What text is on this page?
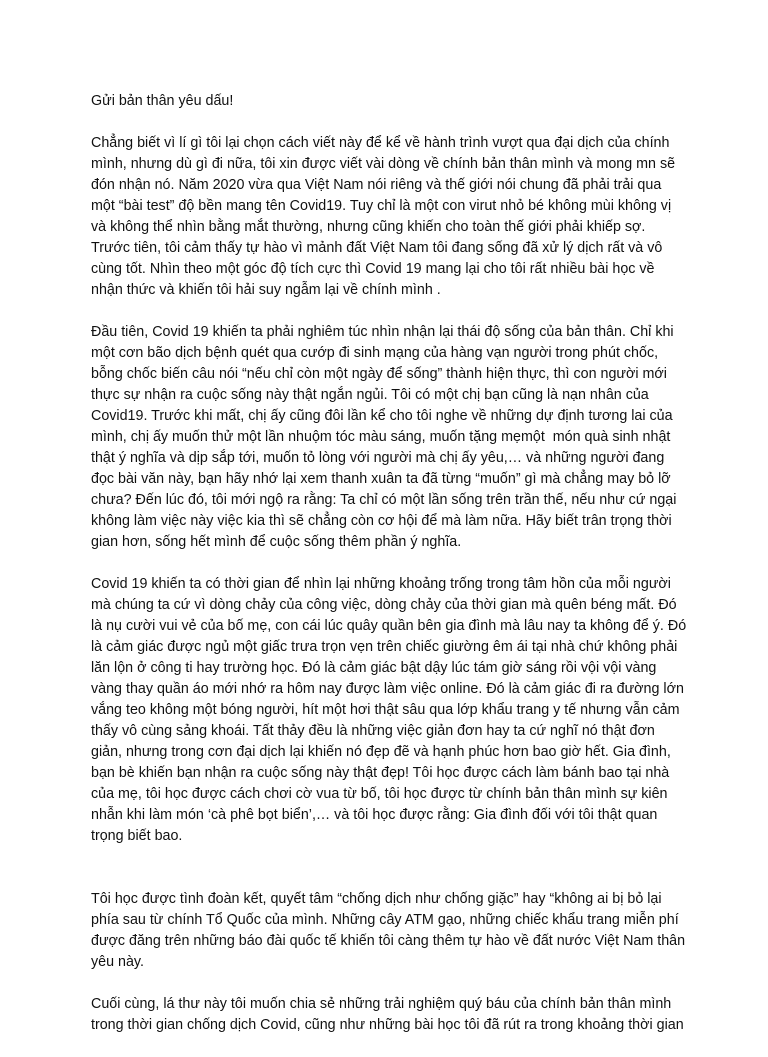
Gửi bản thân yêu dấu!

Chẳng biết vì lí gì tôi lại chọn cách viết này để kể về hành trình vượt qua đại dịch của chính mình, nhưng dù gì đi nữa, tôi xin được viết vài dòng về chính bản thân mình và mong mn sẽ đón nhận nó. Năm 2020 vừa qua Việt Nam nói riêng và thế giới nói chung đã phải trải qua một “bài test” độ bền mang tên Covid19. Tuy chỉ là một con virut nhỏ bé không mùi không vị và không thể nhìn bằng mắt thường, nhưng cũng khiến cho toàn thế giới phải khiếp sợ. Trước tiên, tôi cảm thấy tự hào vì mảnh đất Việt Nam tôi đang sống đã xử lý dịch rất và vô cùng tốt. Nhìn theo một góc độ tích cực thì Covid 19 mang lại cho tôi rất nhiều bài học về nhận thức và khiến tôi hải suy ngẫm lại về chính mình .

Đầu tiên, Covid 19 khiến ta phải nghiêm túc nhìn nhận lại thái độ sống của bản thân. Chỉ khi một cơn bão dịch bệnh quét qua cướp đi sinh mạng của hàng vạn người trong phút chốc, bỗng chốc biến câu nói “nếu chỉ còn một ngày để sống” thành hiện thực, thì con người mới thực sự nhận ra cuộc sống này thật ngắn ngủi. Tôi có một chị bạn cũng là nạn nhân của Covid19. Trước khi mất, chị ấy cũng đôi lần kể cho tôi nghe về những dự định tương lai của mình, chị ấy muốn thử một lần nhuộm tóc màu sáng, muốn tặng mẹmột  món quà sinh nhật thật ý nghĩa và dịp sắp tới, muốn tỏ lòng với người mà chị ấy yêu,… và những người đang đọc bài văn này, bạn hãy nhớ lại xem thanh xuân ta đã từng “muốn” gì mà chẳng may bỏ lỡ chưa? Đến lúc đó, tôi mới ngộ ra rằng: Ta chỉ có một lần sống trên trần thế, nếu như cứ ngại không làm việc này việc kia thì sẽ chẳng còn cơ hội để mà làm nữa. Hãy biết trân trọng thời gian hơn, sống hết mình để cuộc sống thêm phần ý nghĩa.

Covid 19 khiến ta có thời gian để nhìn lại những khoảng trống trong tâm hồn của mỗi người mà chúng ta cứ vì dòng chảy của công việc, dòng chảy của thời gian mà quên béng mất. Đó là nụ cười vui vẻ của bố mẹ, con cái lúc quây quần bên gia đình mà lâu nay ta không để ý. Đó là cảm giác được ngủ một giấc trưa trọn vẹn trên chiếc giường êm ái tại nhà chứ không phải lăn lộn ở công ti hay trường học. Đó là cảm giác bật dậy lúc tám giờ sáng rồi vội vội vàng vàng thay quần áo mới nhớ ra hôm nay được làm việc online. Đó là cảm giác đi ra đường lớn vắng teo không một bóng người, hít một hơi thật sâu qua lớp khẩu trang y tế nhưng vẫn cảm thấy vô cùng sảng khoái. Tất thảy đều là những việc giản đơn hay ta cứ nghĩ nó thật đơn giản, nhưng trong cơn đại dịch lại khiến nó đẹp đẽ và hạnh phúc hơn bao giờ hết. Gia đình, bạn bè khiến bạn nhận ra cuộc sống này thật đẹp! Tôi học được cách làm bánh bao tại nhà của mẹ, tôi học được cách chơi cờ vua từ bố, tôi học được từ chính bản thân mình sự kiên nhẫn khi làm món ‘cà phê bọt biển’,… và tôi học được rằng: Gia đình đối với tôi thật quan trọng biết bao.

Tôi học được tình đoàn kết, quyết tâm “chống dịch như chống giặc” hay “không ai bị bỏ lại phía sau từ chính Tổ Quốc của mình. Những cây ATM gạo, những chiếc khẩu trang miễn phí được đăng trên những báo đài quốc tế khiến tôi càng thêm tự hào về đất nước Việt Nam thân yêu này.

Cuối cùng, lá thư này tôi muốn chia sẻ những trải nghiệm quý báu của chính bản thân mình trong thời gian chống dịch Covid, cũng như những bài học tôi đã rút ra trong khoảng thời gian
